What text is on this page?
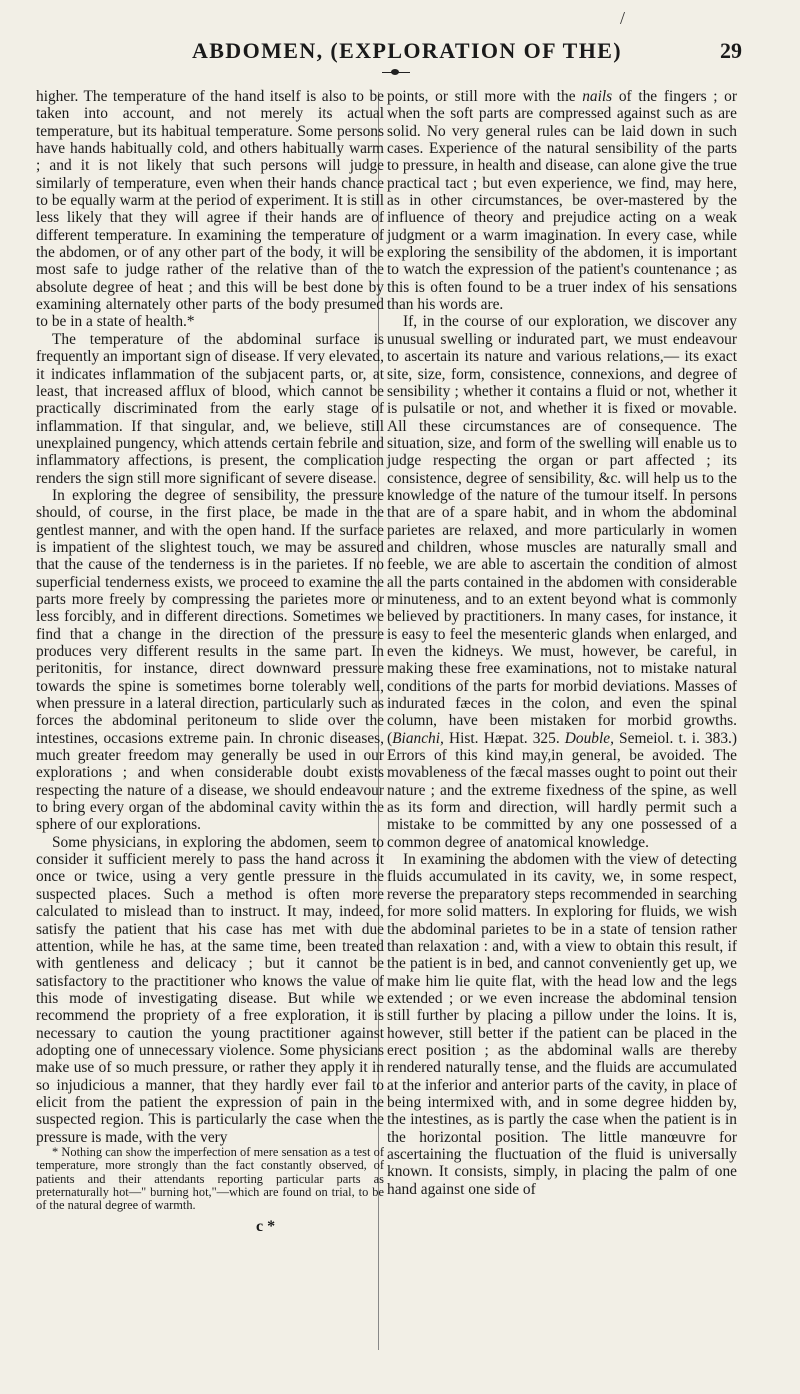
/
ABDOMEN, (EXPLORATION OF THE)	29

higher. The temperature of the hand itself is also to be taken into account, and not merely its actual temperature, but its habitual temperature. Some persons have hands habitually cold, and others habitually warm ; and it is not likely that such persons will judge similarly of temperature, even when their hands chance to be equally warm at the period of experiment. It is still less likely that they will agree if their hands are of different temperature. In examining the temperature of the abdomen, or of any other part of the body, it will be most safe to judge rather of the relative than of the absolute degree of heat ; and this will be best done by examining alternately other parts of the body presumed to be in a state of health.*

The temperature of the abdominal surface is frequently an important sign of disease. If very elevated, it indicates inflammation of the subjacent parts, or, at least, that increased afflux of blood, which cannot be practically discriminated from the early stage of inflammation. If that singular, and, we believe, still unexplained pungency, which attends certain febrile and inflammatory affections, is present, the complication renders the sign still more significant of severe disease.

In exploring the degree of sensibility, the pressure should, of course, in the first place, be made in the gentlest manner, and with the open hand. If the surface is impatient of the slightest touch, we may be assured that the cause of the tenderness is in the parietes. If no superficial tenderness exists, we proceed to examine the parts more freely by compressing the parietes more or less forcibly, and in different directions. Sometimes we find that a change in the direction of the pressure produces very different results in the same part. In peritonitis, for instance, direct downward pressure towards the spine is sometimes borne tolerably well, when pressure in a lateral direction, particularly such as forces the abdominal peritoneum to slide over the intestines, occasions extreme pain. In chronic diseases, much greater freedom may generally be used in our explorations ; and when considerable doubt exists respecting the nature of a disease, we should endeavour to bring every organ of the abdominal cavity within the sphere of our explorations.

Some physicians, in exploring the abdomen, seem to consider it sufficient merely to pass the hand across it once or twice, using a very gentle pressure in the suspected places. Such a method is often more calculated to mislead than to instruct. It may, indeed, satisfy the patient that his case has met with due attention, while he has, at the same time, been treated with gentleness and delicacy ; but it cannot be satisfactory to the practitioner who knows the value of this mode of investigating disease. But while we recommend the propriety of a free exploration, it is necessary to caution the young practitioner against adopting one of unnecessary violence. Some physicians make use of so much pressure, or rather they apply it in so injudicious a manner, that they hardly ever fail to elicit from the patient the expression of pain in the suspected region. This is particularly the case when the pressure is made, with the very

* Nothing can show the imperfection of mere sensation as a test of temperature, more strongly than the fact constantly observed, of patients and their attendants reporting particular parts as preternaturally hot—" burning hot,"—which are found on trial, to be of the natural degree of warmth.

c *

points, or still more with the nails of the fingers ; or when the soft parts are compressed against such as are solid. No very general rules can be laid down in such cases. Experience of the natural sensibility of the parts to pressure, in health and disease, can alone give the true practical tact ; but even experience, we find, may here, as in other circumstances, be over-mastered by the influence of theory and prejudice acting on a weak judgment or a warm imagination. In every case, while exploring the sensibility of the abdomen, it is important to watch the expression of the patient's countenance ; as this is often found to be a truer index of his sensations than his words are.

If, in the course of our exploration, we discover any unusual swelling or indurated part, we must endeavour to ascertain its nature and various relations,— its exact site, size, form, consistence, connexions, and degree of sensibility ; whether it contains a fluid or not, whether it is pulsatile or not, and whether it is fixed or movable. All these circumstances are of consequence. The situation, size, and form of the swelling will enable us to judge respecting the organ or part affected ; its consistence, degree of sensibility, &c. will help us to the knowledge of the nature of the tumour itself. In persons that are of a spare habit, and in whom the abdominal parietes are relaxed, and more particularly in women and children, whose muscles are naturally small and feeble, we are able to ascertain the condition of almost all the parts contained in the abdomen with considerable minuteness, and to an extent beyond what is commonly believed by practitioners. In many cases, for instance, it is easy to feel the mesenteric glands when enlarged, and even the kidneys. We must, however, be careful, in making these free examinations, not to mistake natural conditions of the parts for morbid deviations. Masses of indurated fæces in the colon, and even the spinal column, have been mistaken for morbid growths. (Bianchi, Hist. Hæpat. 325. Double, Semeiol. t. i. 383.) Errors of this kind may,in general, be avoided. The movableness of the fæcal masses ought to point out their nature ; and the extreme fixedness of the spine, as well as its form and direction, will hardly permit such a mistake to be committed by any one possessed of a common degree of anatomical knowledge.

In examining the abdomen with the view of detecting fluids accumulated in its cavity, we, in some respect, reverse the preparatory steps recommended in searching for more solid matters. In exploring for fluids, we wish the abdominal parietes to be in a state of tension rather than relaxation : and, with a view to obtain this result, if the patient is in bed, and cannot conveniently get up, we make him lie quite flat, with the head low and the legs extended ; or we even increase the abdominal tension still further by placing a pillow under the loins. It is, however, still better if the patient can be placed in the erect position ; as the abdominal walls are thereby rendered naturally tense, and the fluids are accumulated at the inferior and anterior parts of the cavity, in place of being intermixed with, and in some degree hidden by, the intestines, as is partly the case when the patient is in the horizontal position. The little manœuvre for ascertaining the fluctuation of the fluid is universally known. It consists, simply, in placing the palm of one hand against one side of
